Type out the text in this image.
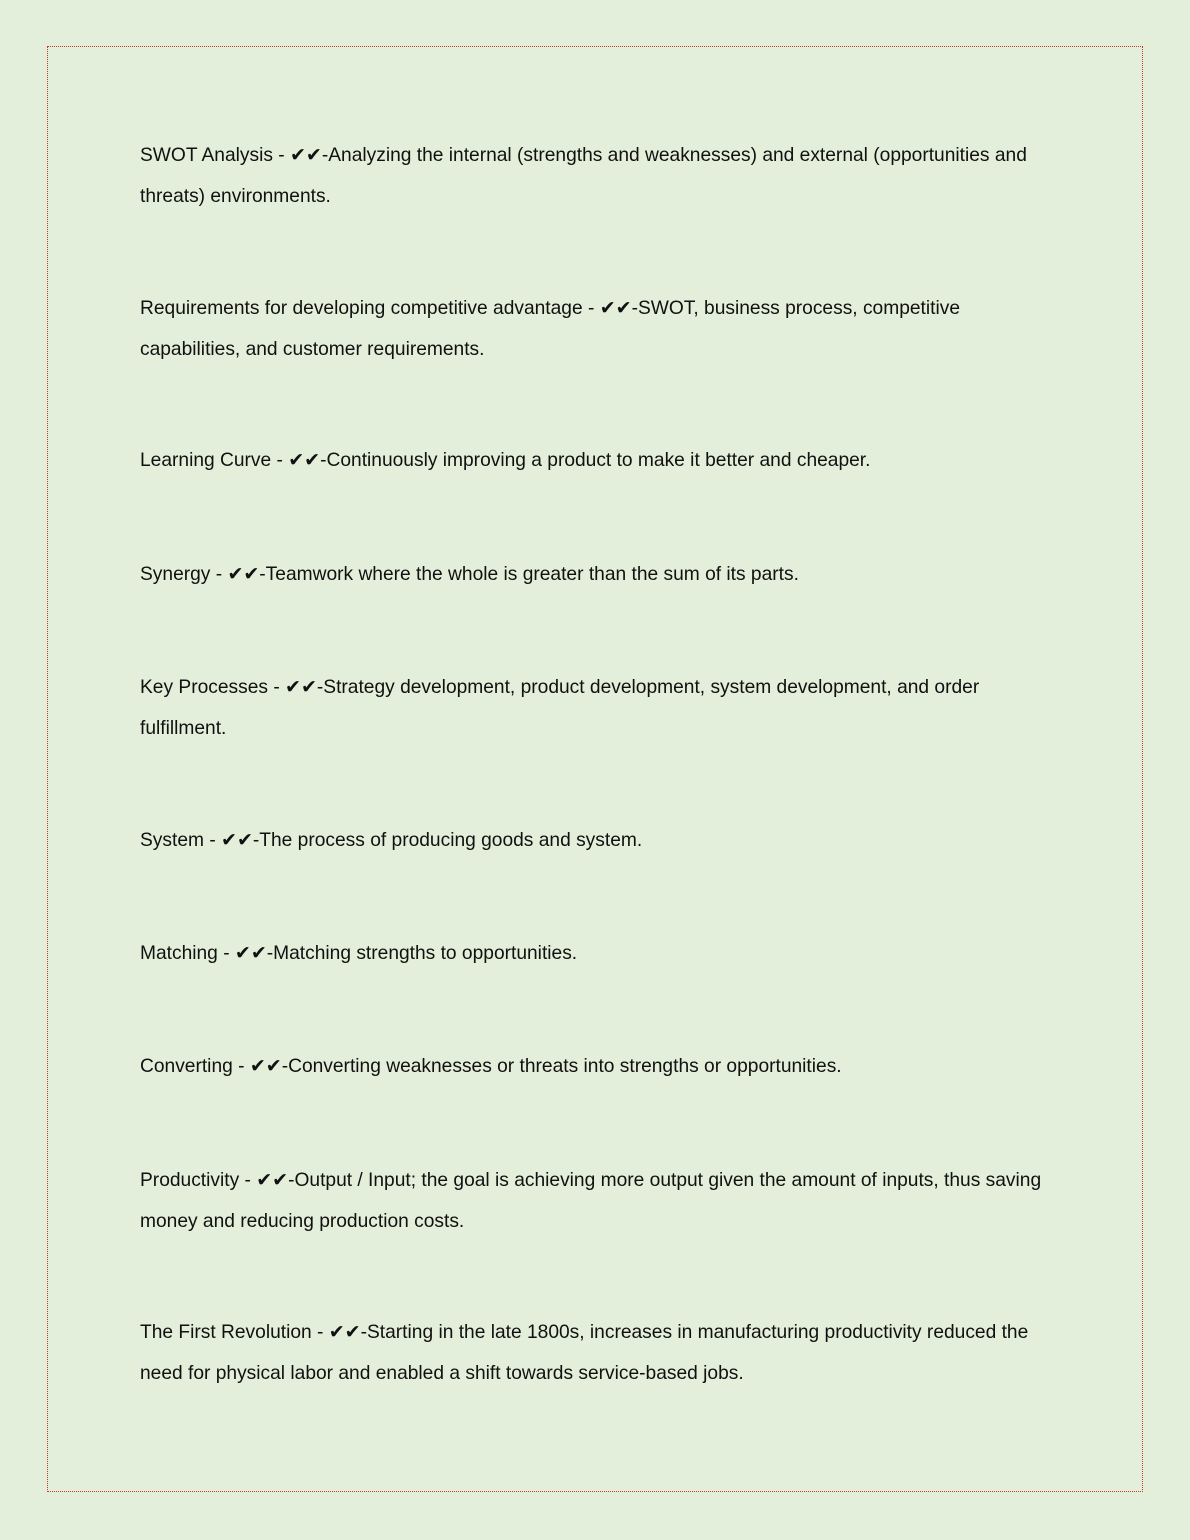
SWOT Analysis - ✔✔-Analyzing the internal (strengths and weaknesses) and external (opportunities and threats) environments.

Requirements for developing competitive advantage - ✔✔-SWOT, business process, competitive capabilities, and customer requirements.

Learning Curve - ✔✔-Continuously improving a product to make it better and cheaper.

Synergy - ✔✔-Teamwork where the whole is greater than the sum of its parts.

Key Processes - ✔✔-Strategy development, product development, system development, and order fulfillment.

System - ✔✔-The process of producing goods and system.

Matching - ✔✔-Matching strengths to opportunities.

Converting - ✔✔-Converting weaknesses or threats into strengths or opportunities.

Productivity - ✔✔-Output / Input; the goal is achieving more output given the amount of inputs, thus saving money and reducing production costs.

The First Revolution - ✔✔-Starting in the late 1800s, increases in manufacturing productivity reduced the need for physical labor and enabled a shift towards service-based jobs.
